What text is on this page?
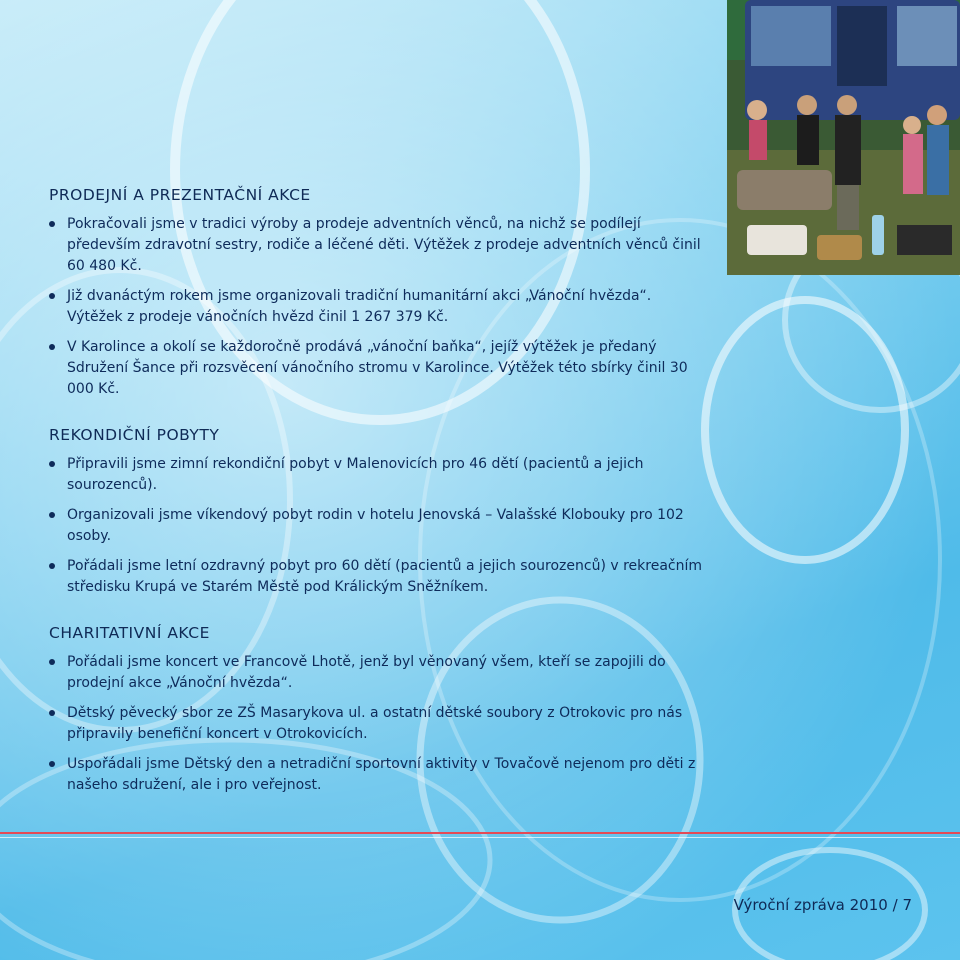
PRODEJNÍ A PREZENTAČNÍ AKCE
Pokračovali jsme v tradici výroby a prodeje adventních věnců, na nichž se podílejí především zdravotní sestry, rodiče a léčené děti. Výtěžek z prodeje adventních věnců činil 60 480 Kč.
Již dvanáctým rokem jsme organizovali tradiční humanitární akci „Vánoční hvězda“. Výtěžek z prodeje vánočních hvězd činil 1 267 379 Kč.
V Karolince a okolí se každoročně prodává „vánoční baňka“, jejíž výtěžek je předaný Sdružení Šance při rozsvěcení vánočního stromu v Karolince. Výtěžek této sbírky činil 30 000 Kč.
REKONDIČNÍ POBYTY
Připravili jsme zimní rekondiční pobyt v Malenovicích pro 46 dětí (pacientů a jejich sourozenců).
Organizovali jsme víkendový pobyt rodin v hotelu Jenovská – Valašské Klobouky pro 102 osoby.
Pořádali jsme letní ozdravný pobyt pro 60 dětí (pacientů a jejich sourozenců) v rekreačním středisku Krupá ve Starém Městě pod Králickým Sněžníkem.
CHARITATIVNÍ AKCE
Pořádali jsme koncert ve Francově Lhotě, jenž byl věnovaný všem, kteří se zapojili do prodejní akce „Vánoční hvězda“.
Dětský pěvecký sbor ze ZŠ Masarykova ul. a ostatní dětské soubory z Otrokovic pro nás připravily benefiční koncert v Otrokovicích.
Uspořádali jsme Dětský den a netradiční sportovní aktivity v Tovačově nejenom pro děti z našeho sdružení, ale i pro veřejnost.
Výroční zpráva 2010 / 7
